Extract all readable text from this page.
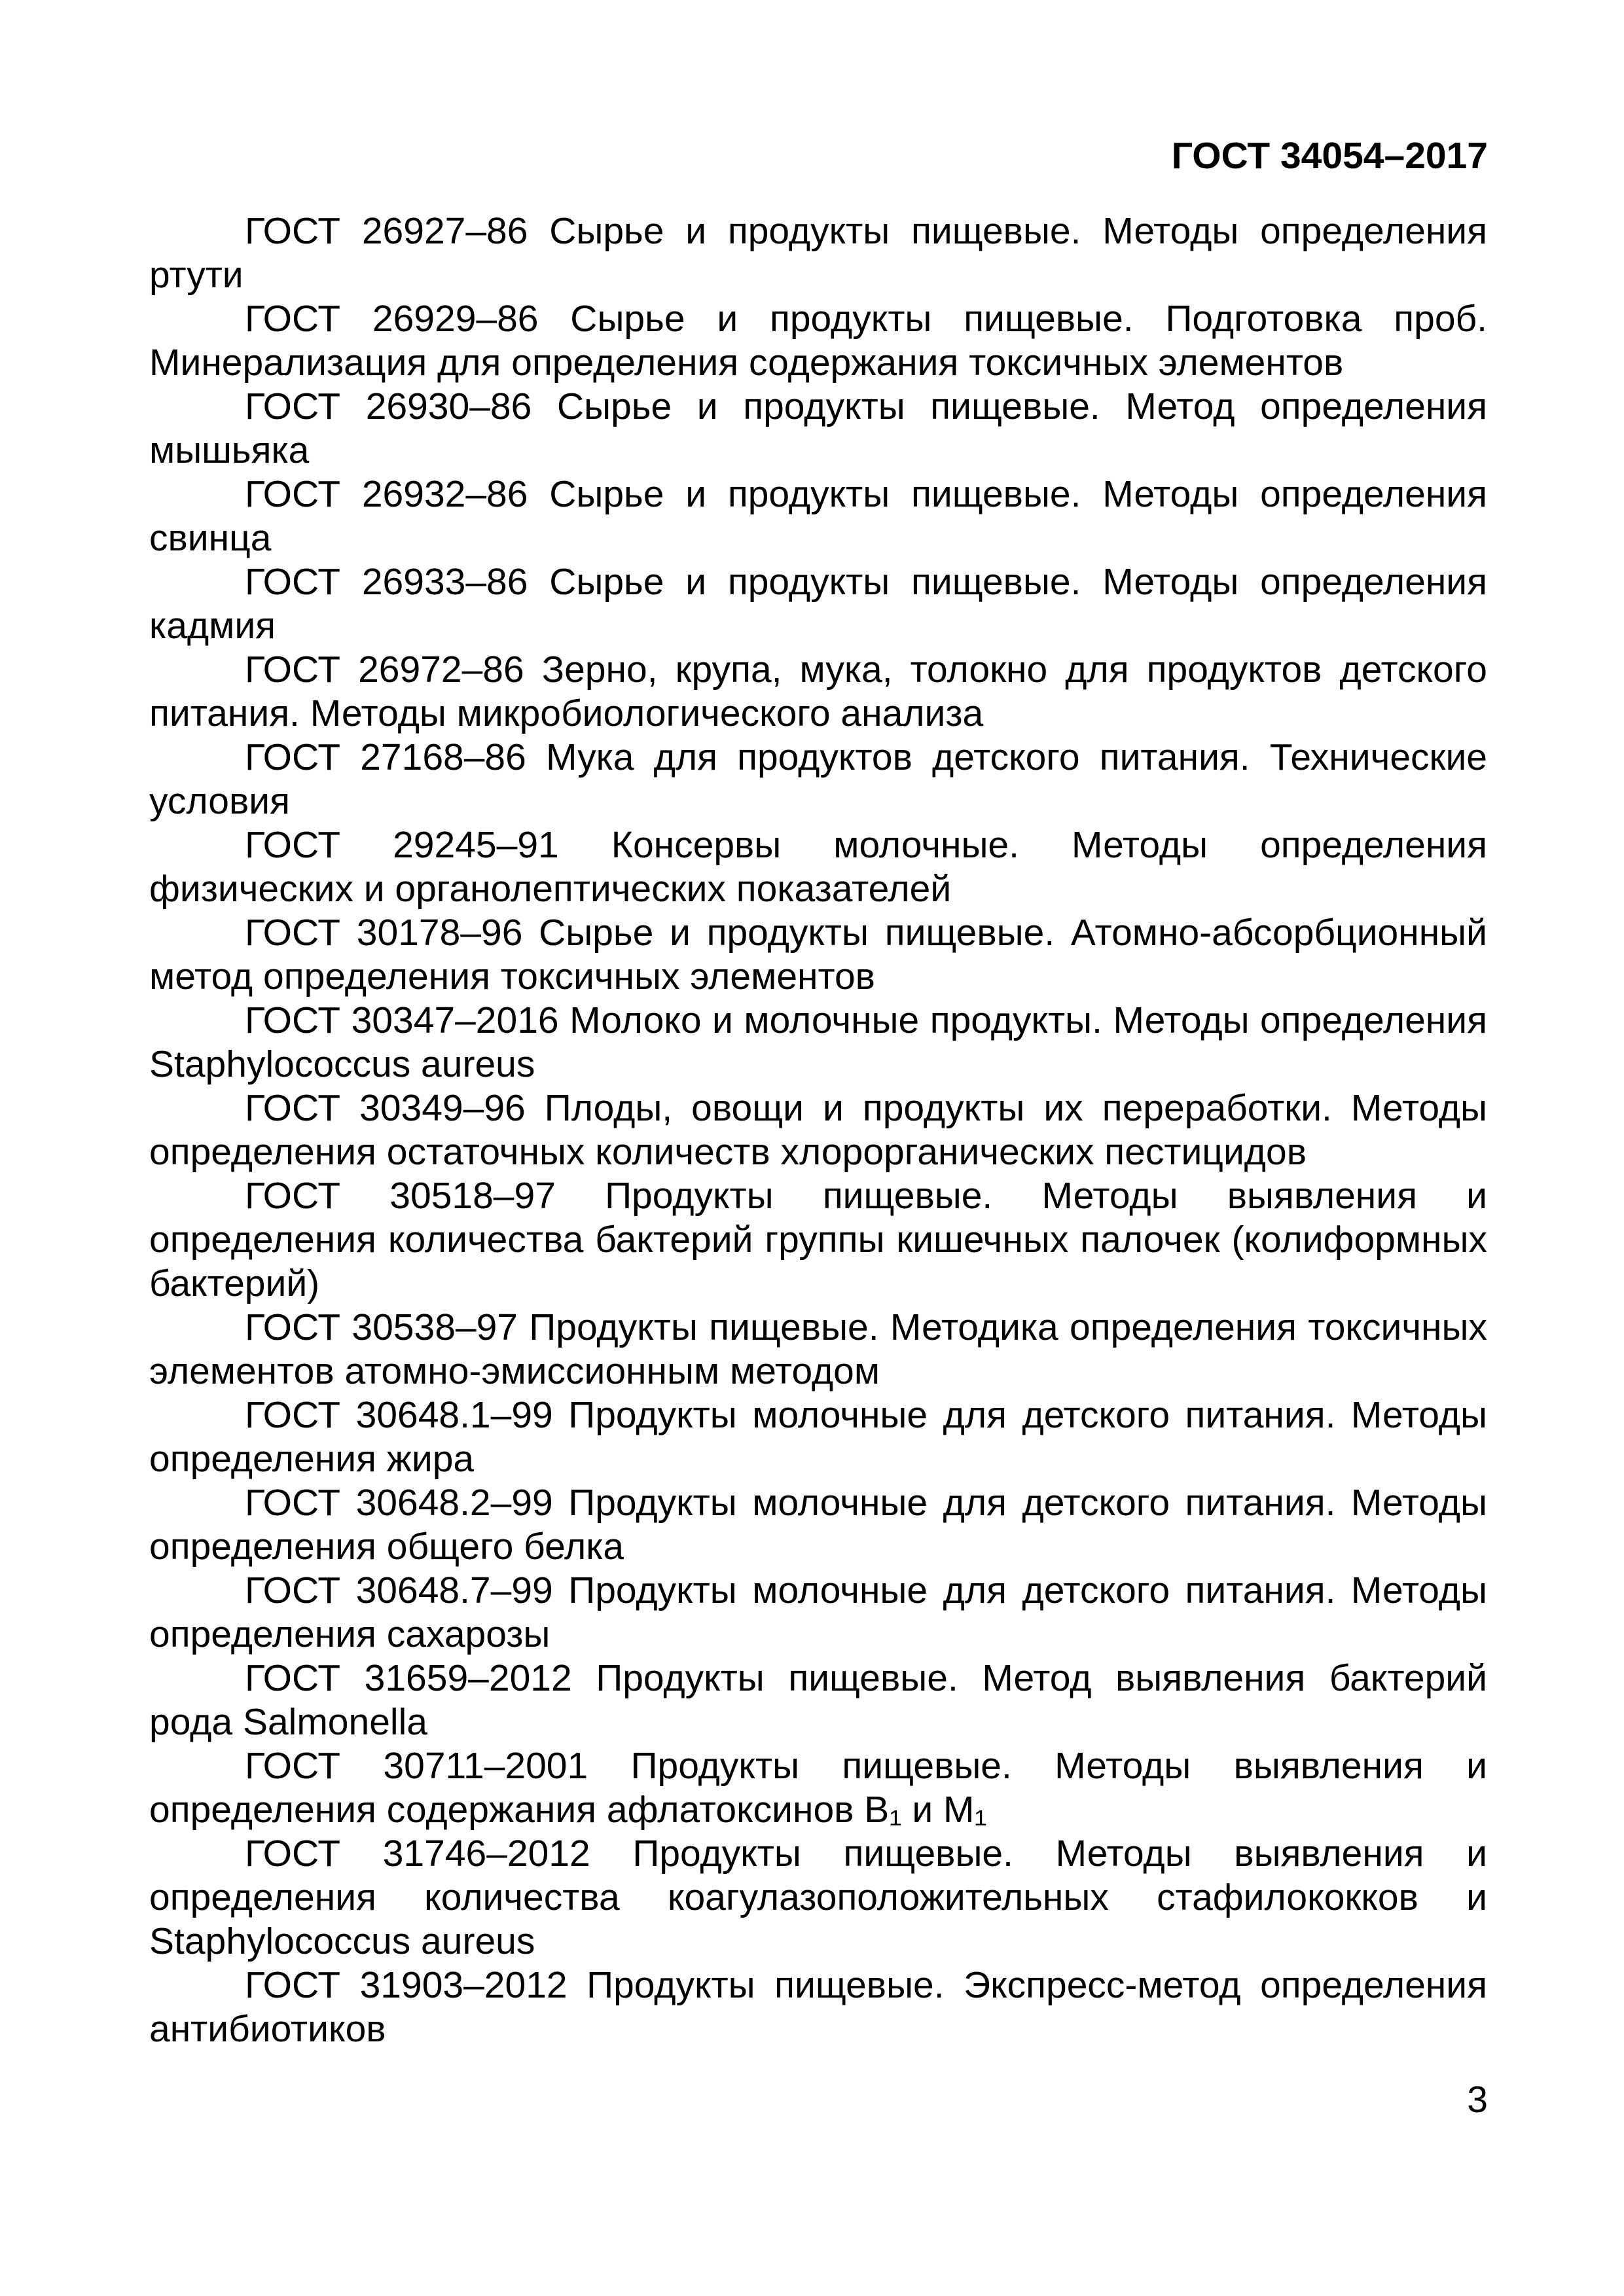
ГОСТ 34054–2017
ГОСТ 26927–86 Сырье и продукты пищевые. Методы определения ртути
ГОСТ 26929–86 Сырье и продукты пищевые. Подготовка проб. Минерализация для определения содержания токсичных элементов
ГОСТ 26930–86 Сырье и продукты пищевые. Метод определения мышьяка
ГОСТ 26932–86 Сырье и продукты пищевые. Методы определения свинца
ГОСТ 26933–86 Сырье и продукты пищевые. Методы определения кадмия
ГОСТ 26972–86 Зерно, крупа, мука, толокно для продуктов детского питания. Методы микробиологического анализа
ГОСТ 27168–86 Мука для продуктов детского питания. Технические условия
ГОСТ 29245–91 Консервы молочные. Методы определения физических и органолептических показателей
ГОСТ 30178–96 Сырье и продукты пищевые. Атомно-абсорбционный метод определения токсичных элементов
ГОСТ 30347–2016 Молоко и молочные продукты. Методы определения Staphylococcus aureus
ГОСТ 30349–96 Плоды, овощи и продукты их переработки. Методы определения остаточных количеств хлорорганических пестицидов
ГОСТ 30518–97 Продукты пищевые. Методы выявления и определения количества бактерий группы кишечных палочек (колиформных бактерий)
ГОСТ 30538–97 Продукты пищевые. Методика определения токсичных элементов атомно-эмиссионным методом
ГОСТ 30648.1–99 Продукты молочные для детского питания. Методы определения жира
ГОСТ 30648.2–99 Продукты молочные для детского питания. Методы определения общего белка
ГОСТ 30648.7–99 Продукты молочные для детского питания. Методы определения сахарозы
ГОСТ 31659–2012 Продукты пищевые. Метод выявления бактерий рода Salmonella
ГОСТ 30711–2001 Продукты пищевые. Методы выявления и определения содержания афлатоксинов B₁ и M₁
ГОСТ 31746–2012 Продукты пищевые. Методы выявления и определения количества коагулазоположительных стафилококков и Staphylococcus aureus
ГОСТ 31903–2012 Продукты пищевые. Экспресс-метод определения антибиотиков
3
